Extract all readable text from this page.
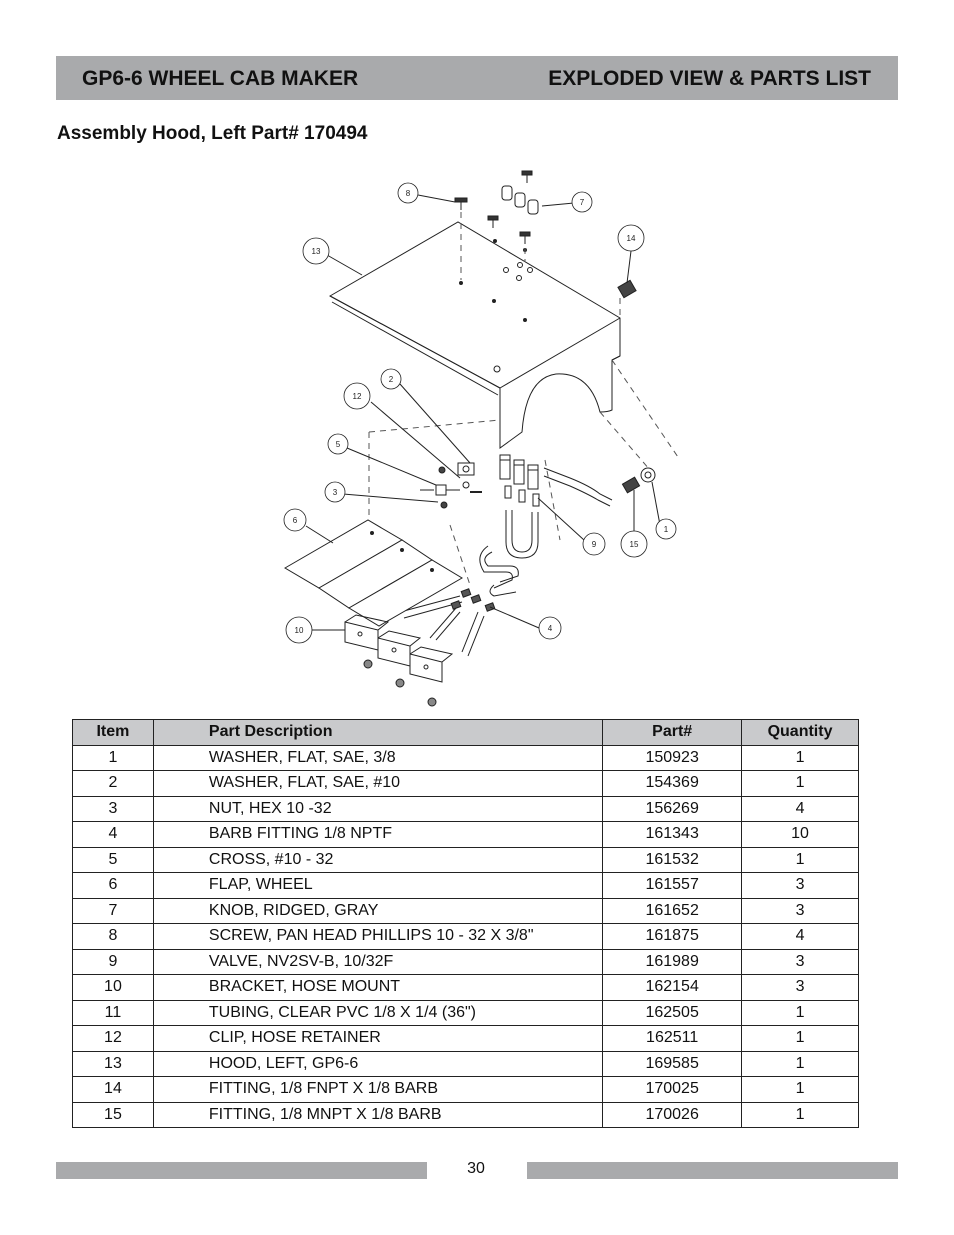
GP6-6 WHEEL CAB MAKER	EXPLODED VIEW & PARTS LIST
Assembly Hood, Left Part# 170494
8
7
13
14
2
12
5
3
6
9	15
1
10	4
Item	Part Description	Part#	Quantity
1	WASHER, FLAT, SAE, 3/8	150923	1
2	WASHER, FLAT, SAE, #10	154369	1
3	NUT, HEX 10 -32	156269	4
4	BARB FITTING 1/8 NPTF	161343	10
5	CROSS, #10 - 32	161532	1
6	FLAP, WHEEL	161557	3
7	KNOB, RIDGED, GRAY	161652	3
8	SCREW, PAN HEAD PHILLIPS 10 - 32 X 3/8"	161875	4
9	VALVE, NV2SV-B, 10/32F	161989	3
10	BRACKET, HOSE MOUNT	162154	3
11	TUBING, CLEAR PVC 1/8 X 1/4 (36")	162505	1
12	CLIP, HOSE RETAINER	162511	1
13	HOOD, LEFT, GP6-6	169585	1
14	FITTING, 1/8 FNPT X 1/8 BARB	170025	1
15	FITTING, 1/8 MNPT X 1/8 BARB	170026	1
30
